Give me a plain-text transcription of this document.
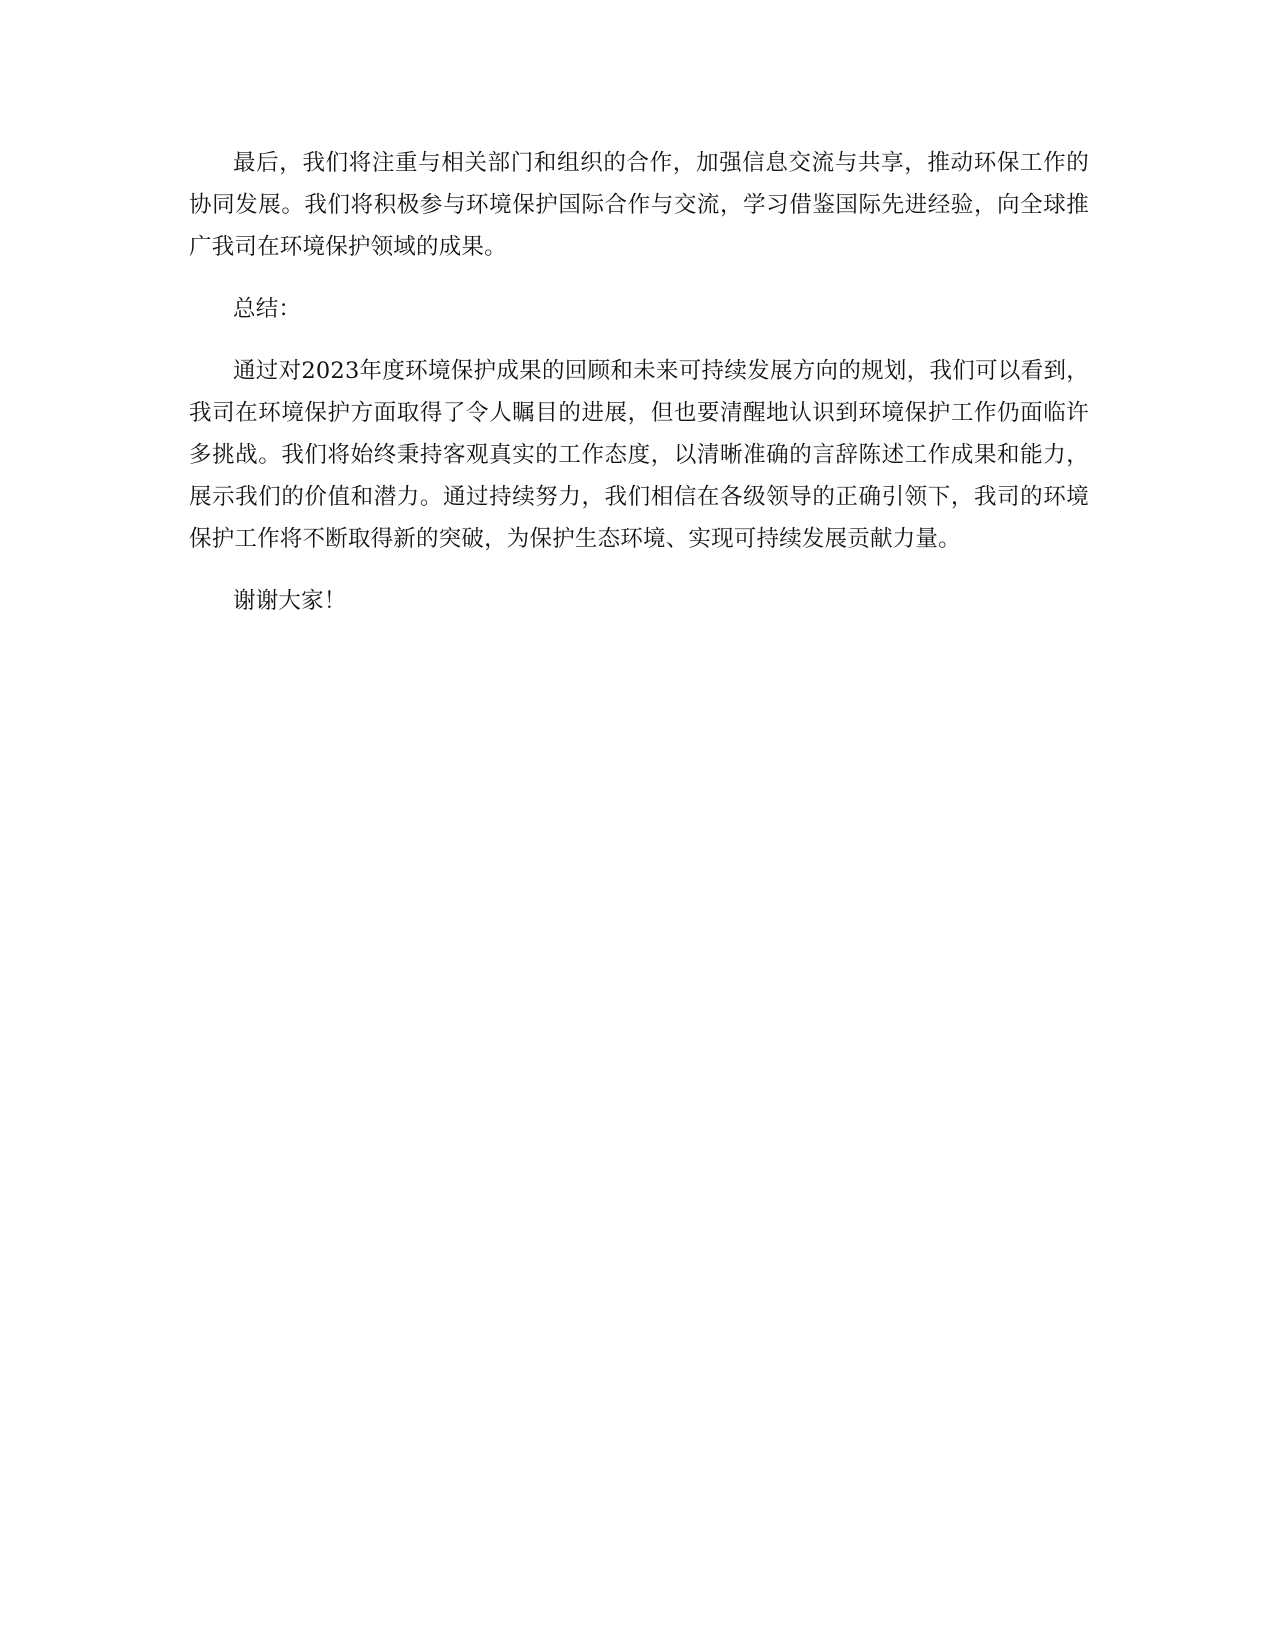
最后，我们将注重与相关部门和组织的合作，加强信息交流与共享，推动环保工作的协同发展。我们将积极参与环境保护国际合作与交流，学习借鉴国际先进经验，向全球推广我司在环境保护领域的成果。

总结：

通过对2023年度环境保护成果的回顾和未来可持续发展方向的规划，我们可以看到，我司在环境保护方面取得了令人瞩目的进展，但也要清醒地认识到环境保护工作仍面临许多挑战。我们将始终秉持客观真实的工作态度，以清晰准确的言辞陈述工作成果和能力，展示我们的价值和潜力。通过持续努力，我们相信在各级领导的正确引领下，我司的环境保护工作将不断取得新的突破，为保护生态环境、实现可持续发展贡献力量。

谢谢大家！
